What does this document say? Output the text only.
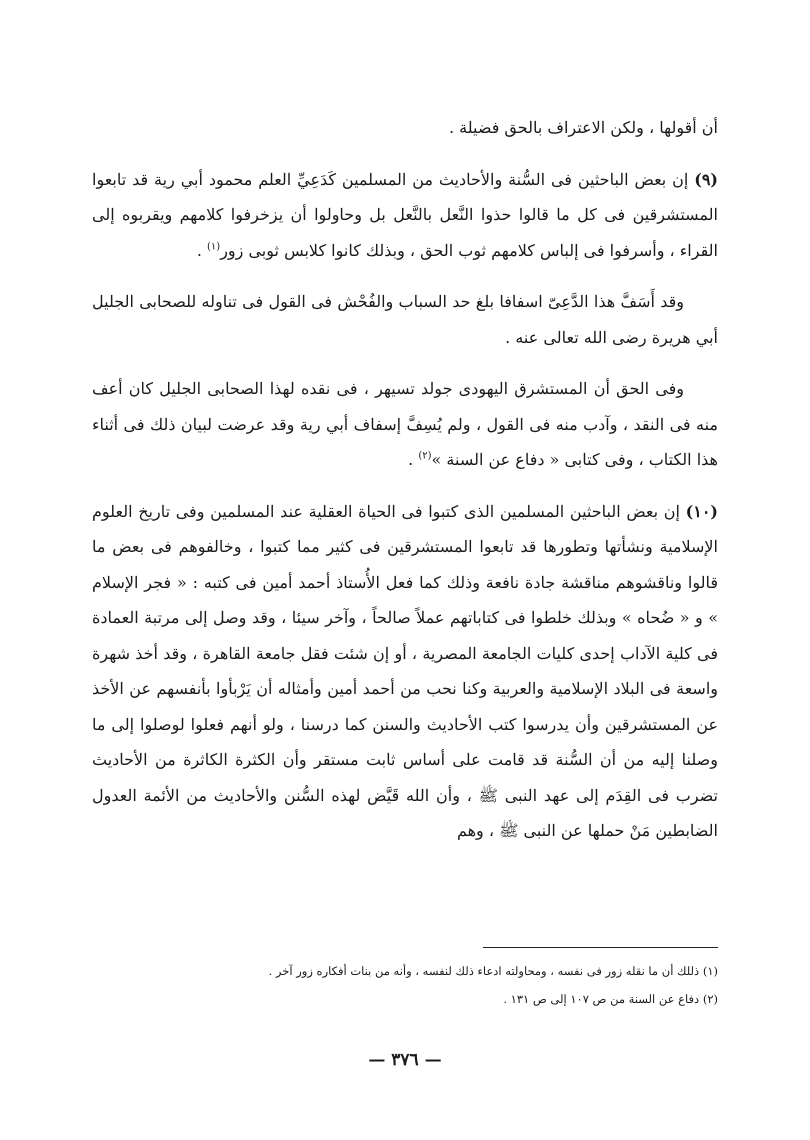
أن أقولها ، ولكن الاعتراف بالحق فضيلة .

(٩) إن بعض الباحثين فى السُّنة والأحاديث من المسلمين كَدَعِيِّ العلم محمود أبي رية قد تابعوا المستشرقين فى كل ما قالوا حذوا النَّعل بالنَّعل بل وحاولوا أن يزخرفوا كلامهم ويقربوه إلى القراء ، وأسرفوا فى إلباس كلامهم ثوب الحق ، وبذلك كانوا كلابس ثوبى زور$^{(١)}$ .

وقد أَسَفَّ هذا الدَّعِىّ اسفافا بلغ حد السباب والفُحْش فى القول فى تناوله للصحابى الجليل أبي هريرة رضى الله تعالى عنه .

وفى الحق أن المستشرق اليهودى جولد تسيهر ، فى نقده لهذا الصحابى الجليل كان أعف منه فى النقد ، وآدب منه فى القول ، ولم يُسِفَّ إسفاف أبي رية وقد عرضت لبيان ذلك فى أثناء هذا الكتاب ، وفى كتابى « دفاع عن السنة »$^{(٢)}$ .

(١٠) إن بعض الباحثين المسلمين الذى كتبوا فى الحياة العقلية عند المسلمين وفى تاريخ العلوم الإسلامية ونشأتها وتطورها قد تابعوا المستشرقين فى كثير مما كتبوا ، وخالفوهم فى بعض ما قالوا وناقشوهم مناقشة جادة نافعة وذلك كما فعل الأُستاذ أحمد أمين فى كتبه : « فجر الإسلام » و « ضُحاه » وبذلك خلطوا فى كتاباتهم عملاً صالحاً ، وآخر سيئا ، وقد وصل إلى مرتبة العمادة فى كلية الآداب إحدى كليات الجامعة المصرية ، أو إن شئت فقل جامعة القاهرة ، وقد أخذ شهرة واسعة فى البلاد الإسلامية والعربية وكنا نحب من أحمد أمين وأمثاله أن يَرْبأوا بأنفسهم عن الأخذ عن المستشرقين وأن يدرسوا كتب الأحاديث والسنن كما درسنا ، ولو أنهم فعلوا لوصلوا إلى ما وصلنا إليه من أن السُّنة قد قامت على أساس ثابت مستقر وأن الكثرة الكاثرة من الأحاديث تضرب فى القِدَم إلى عهد النبى ﷺ ، وأن الله قَيَّض لهذه السُّنن والأحاديث من الأئمة العدول الضابطين مَنْ حملها عن النبى ﷺ ، وهم

(١) ذللك أن ما نقله زور فى نفسه ، ومحاولته ادعاء ذلك لنفسه ، وأنه من بنات أفكاره زور آخر .

(٢) دفاع عن السنة من ص ١٠٧ إلى ص ١٣١ .

— ٣٧٦ —
